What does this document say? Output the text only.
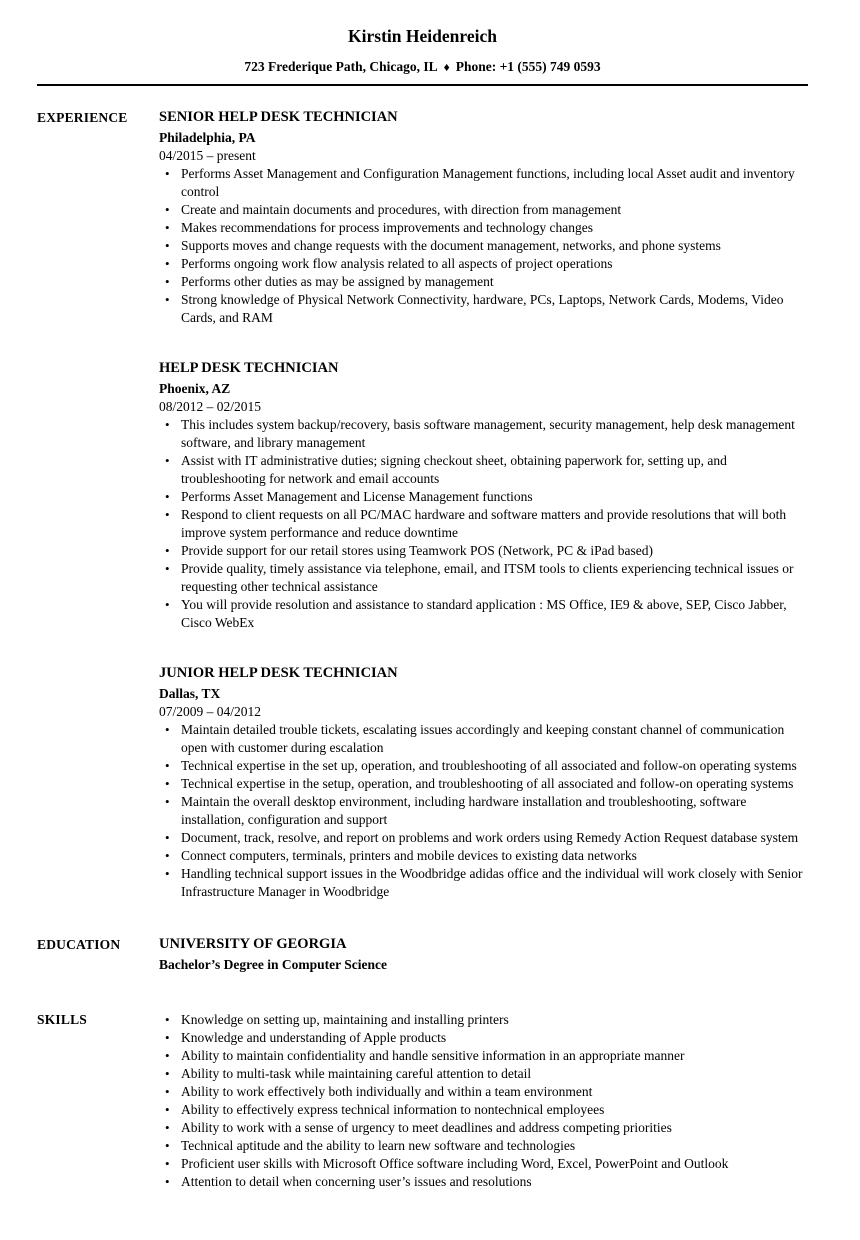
Kirstin Heidenreich
723 Frederique Path, Chicago, IL ♦ Phone: +1 (555) 749 0593
EXPERIENCE	SENIOR HELP DESK TECHNICIAN
Philadelphia, PA
04/2015 – present
• Performs Asset Management and Configuration Management functions, including local Asset audit and inventory control
• Create and maintain documents and procedures, with direction from management
• Makes recommendations for process improvements and technology changes
• Supports moves and change requests with the document management, networks, and phone systems
• Performs ongoing work flow analysis related to all aspects of project operations
• Performs other duties as may be assigned by management
• Strong knowledge of Physical Network Connectivity, hardware, PCs, Laptops, Network Cards, Modems, Video Cards, and RAM
HELP DESK TECHNICIAN
Phoenix, AZ
08/2012 – 02/2015
• This includes system backup/recovery, basis software management, security management, help desk management software, and library management
• Assist with IT administrative duties; signing checkout sheet, obtaining paperwork for, setting up, and troubleshooting for network and email accounts
• Performs Asset Management and License Management functions
• Respond to client requests on all PC/MAC hardware and software matters and provide resolutions that will both improve system performance and reduce downtime
• Provide support for our retail stores using Teamwork POS (Network, PC & iPad based)
• Provide quality, timely assistance via telephone, email, and ITSM tools to clients experiencing technical issues or requesting other technical assistance
• You will provide resolution and assistance to standard application : MS Office, IE9 & above, SEP, Cisco Jabber, Cisco WebEx
JUNIOR HELP DESK TECHNICIAN
Dallas, TX
07/2009 – 04/2012
• Maintain detailed trouble tickets, escalating issues accordingly and keeping constant channel of communication open with customer during escalation
• Technical expertise in the set up, operation, and troubleshooting of all associated and follow-on operating systems
• Technical expertise in the setup, operation, and troubleshooting of all associated and follow-on operating systems
• Maintain the overall desktop environment, including hardware installation and troubleshooting, software installation, configuration and support
• Document, track, resolve, and report on problems and work orders using Remedy Action Request database system
• Connect computers, terminals, printers and mobile devices to existing data networks
• Handling technical support issues in the Woodbridge adidas office and the individual will work closely with Senior Infrastructure Manager in Woodbridge
EDUCATION	UNIVERSITY OF GEORGIA
Bachelor’s Degree in Computer Science
SKILLS	• Knowledge on setting up, maintaining and installing printers
• Knowledge and understanding of Apple products
• Ability to maintain confidentiality and handle sensitive information in an appropriate manner
• Ability to multi-task while maintaining careful attention to detail
• Ability to work effectively both individually and within a team environment
• Ability to effectively express technical information to nontechnical employees
• Ability to work with a sense of urgency to meet deadlines and address competing priorities
• Technical aptitude and the ability to learn new software and technologies
• Proficient user skills with Microsoft Office software including Word, Excel, PowerPoint and Outlook
• Attention to detail when concerning user’s issues and resolutions
